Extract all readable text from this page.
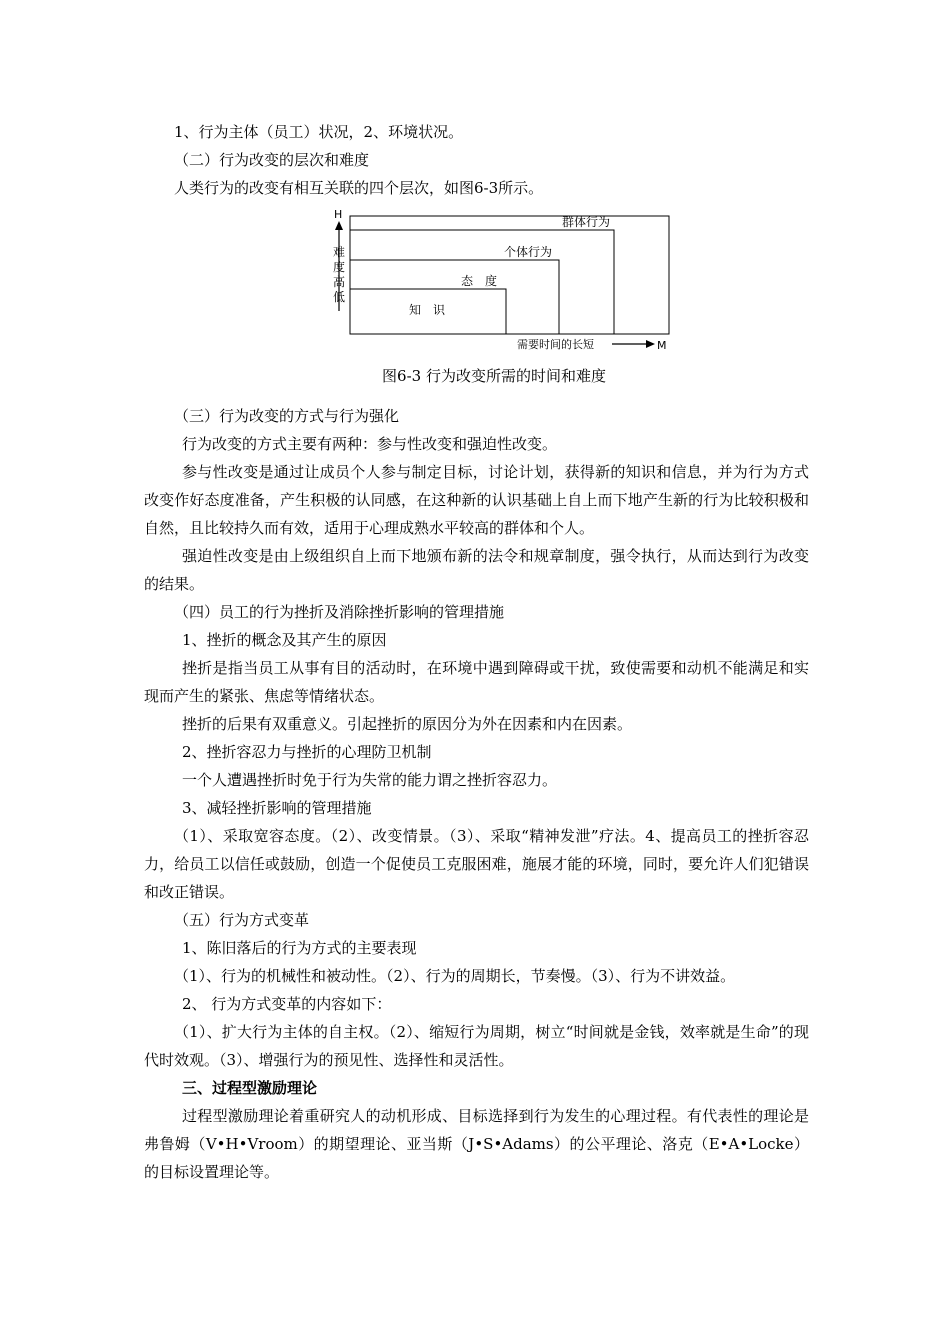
1、行为主体（员工）状况，2、环境状况。

（二）行为改变的层次和难度

人类行为的改变有相互关联的四个层次，如图6-3所示。

H
难
度
高
低
群体行为
个体行为
态　度
知　识
需要时间的长短	M
图6-3 行为改变所需的时间和难度

（三）行为改变的方式与行为强化

行为改变的方式主要有两种：参与性改变和强迫性改变。

参与性改变是通过让成员个人参与制定目标，讨论计划，获得新的知识和信息，并为行为方式改变作好态度准备，产生积极的认同感，在这种新的认识基础上自上而下地产生新的行为比较积极和自然，且比较持久而有效，适用于心理成熟水平较高的群体和个人。

强迫性改变是由上级组织自上而下地颁布新的法令和规章制度，强令执行，从而达到行为改变的结果。

（四）员工的行为挫折及消除挫折影响的管理措施

1、挫折的概念及其产生的原因

挫折是指当员工从事有目的活动时，在环境中遇到障碍或干扰，致使需要和动机不能满足和实现而产生的紧张、焦虑等情绪状态。

挫折的后果有双重意义。引起挫折的原因分为外在因素和内在因素。

2、挫折容忍力与挫折的心理防卫机制

一个人遭遇挫折时免于行为失常的能力谓之挫折容忍力。

3、减轻挫折影响的管理措施

（1）、采取宽容态度。（2）、改变情景。（3）、采取“精神发泄”疗法。4、提高员工的挫折容忍力，给员工以信任或鼓励，创造一个促使员工克服困难，施展才能的环境，同时，要允许人们犯错误和改正错误。

（五）行为方式变革

1、陈旧落后的行为方式的主要表现

（1）、行为的机械性和被动性。（2）、行为的周期长，节奏慢。（3）、行为不讲效益。

2、 行为方式变革的内容如下：

（1）、扩大行为主体的自主权。（2）、缩短行为周期，树立“时间就是金钱，效率就是生命”的现代时效观。（3）、增强行为的预见性、选择性和灵活性。

三、过程型激励理论

过程型激励理论着重研究人的动机形成、目标选择到行为发生的心理过程。有代表性的理论是弗鲁姆（V•H•Vroom）的期望理论、亚当斯（J•S•Adams）的公平理论、洛克（E•A•Locke）的目标设置理论等。
